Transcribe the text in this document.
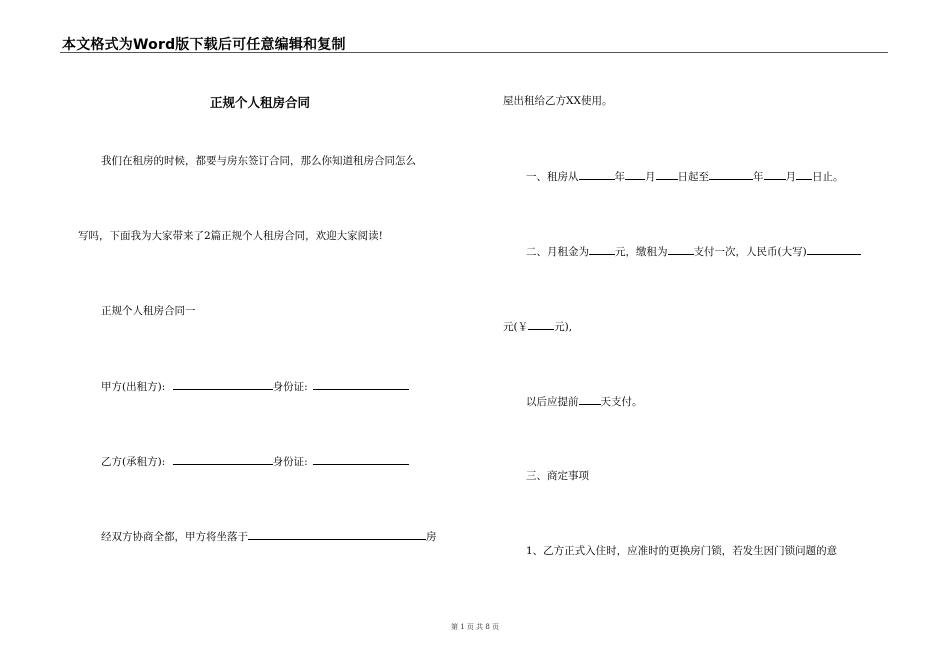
本文格式为Word版下载后可任意编辑和复制
正规个人租房合同
我们在租房的时候，都要与房东签订合同，那么你知道租房合同怎么
写吗，下面我为大家带来了2篇正规个人租房合同，欢迎大家阅读!
正规个人租房合同一
甲方(出租方):	身份证:
乙方(承租方):	身份证:
经双方协商全都，甲方将坐落于	房
屋出租给乙方XX使用。
一、租房从	年 月 日起至	年 月 日止。
二、月租金为 元，缴租为 支付一次，人民币(大写)
元(￥ 元),
以后应提前 天支付。
三、商定事项
1、乙方正式入住时，应准时的更换房门锁，若发生因门锁问题的意
第 1 页 共 8 页
